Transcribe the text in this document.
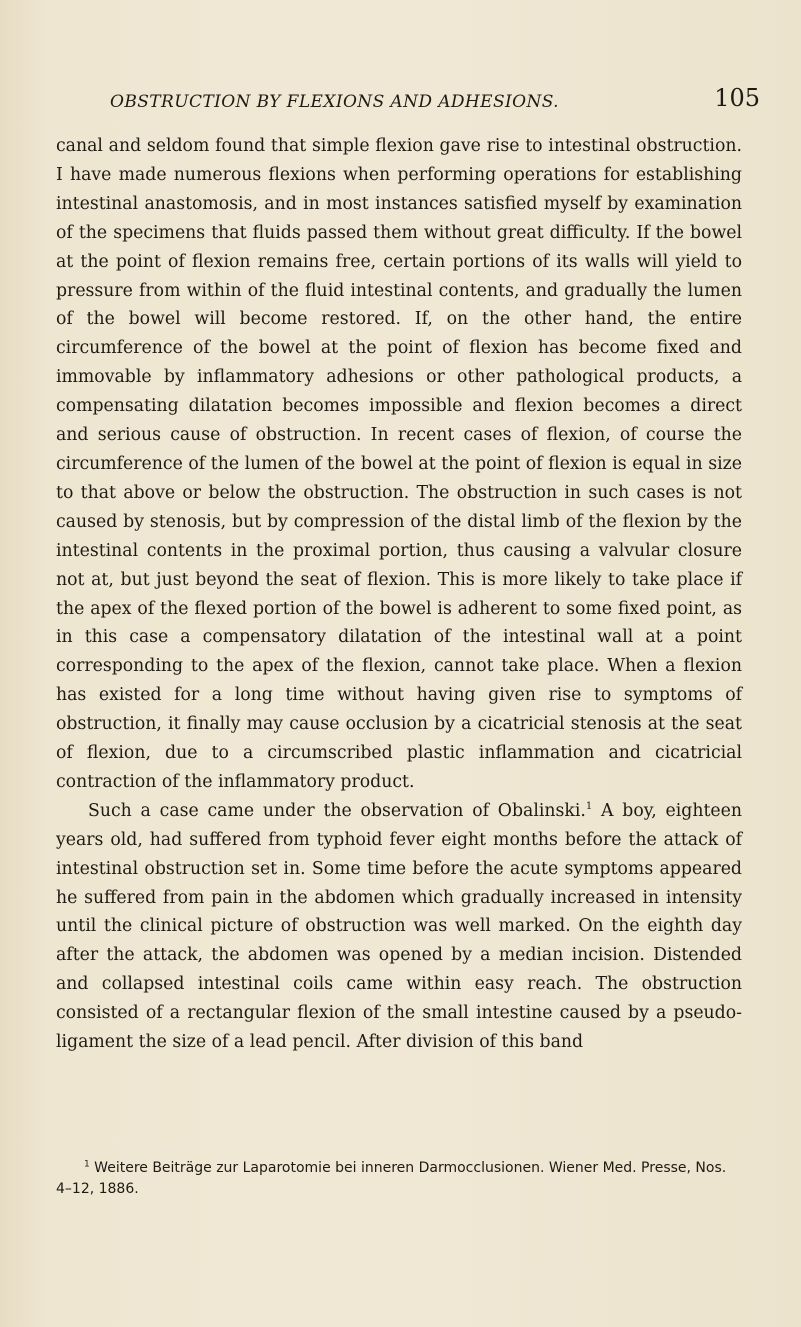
OBSTRUCTION BY FLEXIONS AND ADHESIONS.	105

canal and seldom found that simple flexion gave rise to intestinal obstruction. I have made numerous flexions when performing operations for establishing intestinal anastomosis, and in most instances satisfied myself by examination of the specimens that fluids passed them without great difficulty. If the bowel at the point of flexion remains free, certain portions of its walls will yield to pressure from within of the fluid intestinal contents, and gradually the lumen of the bowel will become restored. If, on the other hand, the entire circumference of the bowel at the point of flexion has become fixed and immovable by inflammatory adhesions or other pathological products, a compensating dilatation becomes impossible and flexion becomes a direct and serious cause of obstruction. In recent cases of flexion, of course the circumference of the lumen of the bowel at the point of flexion is equal in size to that above or below the obstruction. The obstruction in such cases is not caused by stenosis, but by compression of the distal limb of the flexion by the intestinal contents in the proximal portion, thus causing a valvular closure not at, but just beyond the seat of flexion. This is more likely to take place if the apex of the flexed portion of the bowel is adherent to some fixed point, as in this case a compensatory dilatation of the intestinal wall at a point corresponding to the apex of the flexion, cannot take place. When a flexion has existed for a long time without having given rise to symptoms of obstruction, it finally may cause occlusion by a cicatricial stenosis at the seat of flexion, due to a circumscribed plastic inflammation and cicatricial contraction of the inflammatory product.

Such a case came under the observation of Obalinski.$^1$ A boy, eighteen years old, had suffered from typhoid fever eight months before the attack of intestinal obstruction set in. Some time before the acute symptoms appeared he suffered from pain in the abdomen which gradually increased in intensity until the clinical picture of obstruction was well marked. On the eighth day after the attack, the abdomen was opened by a median incision. Distended and collapsed intestinal coils came within easy reach. The obstruction consisted of a rectangular flexion of the small intestine caused by a pseudo-ligament the size of a lead pencil. After division of this band

$^1$ Weitere Beiträge zur Laparotomie bei inneren Darmocclusionen. Wiener Med. Presse, Nos. 4–12, 1886.
